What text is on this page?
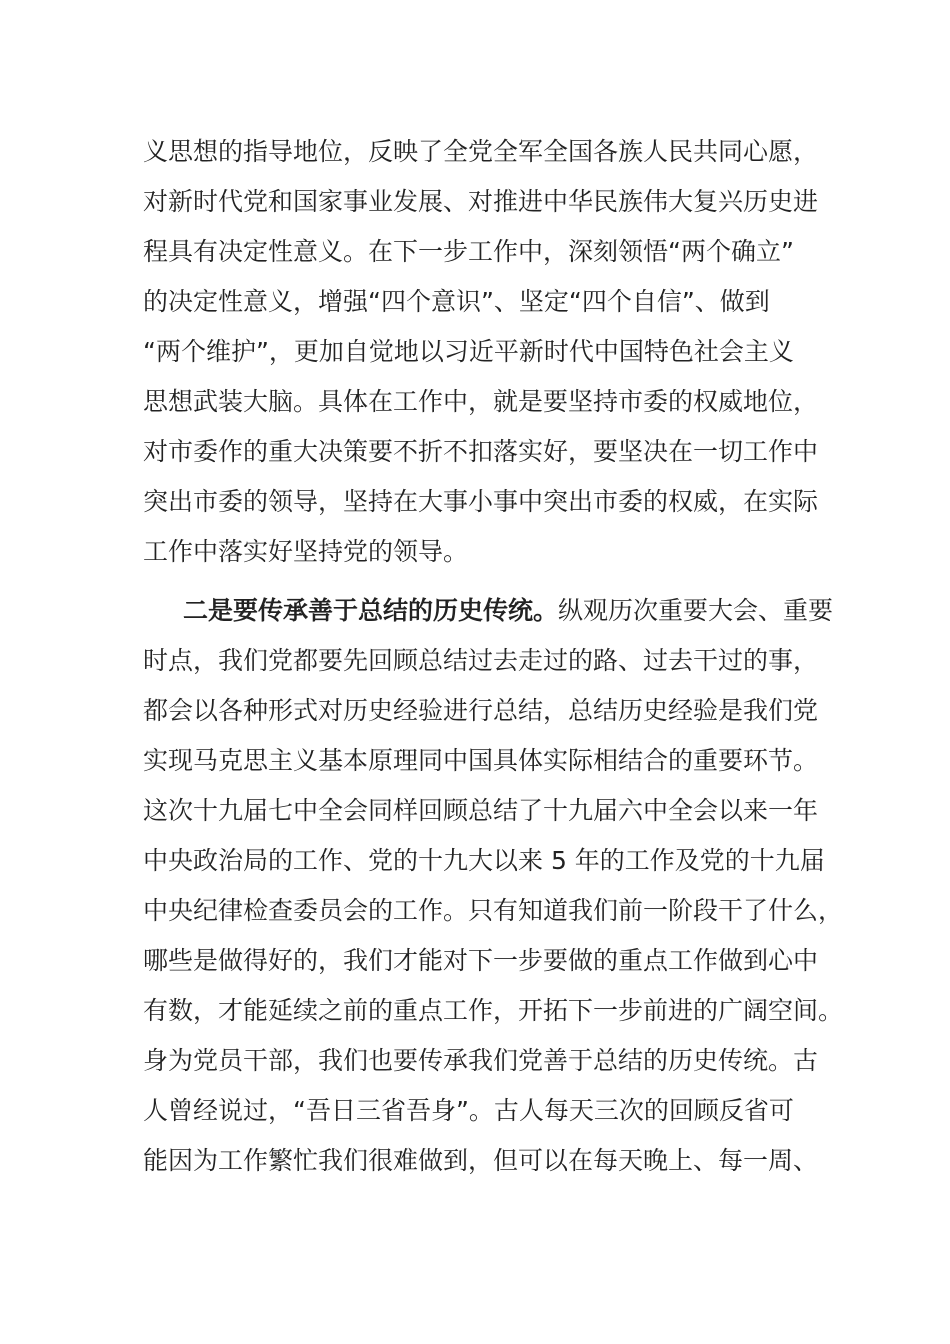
义思想的指导地位，反映了全党全军全国各族人民共同心愿，
对新时代党和国家事业发展、对推进中华民族伟大复兴历史进
程具有决定性意义。在下一步工作中，深刻领悟“两个确立”
的决定性意义，增强“四个意识”、坚定“四个自信”、做到
“两个维护”，更加自觉地以习近平新时代中国特色社会主义
思想武装大脑。具体在工作中，就是要坚持市委的权威地位，
对市委作的重大决策要不折不扣落实好，要坚决在一切工作中
突出市委的领导，坚持在大事小事中突出市委的权威，在实际
工作中落实好坚持党的领导。
二是要传承善于总结的历史传统。纵观历次重要大会、重要
时点，我们党都要先回顾总结过去走过的路、过去干过的事，
都会以各种形式对历史经验进行总结，总结历史经验是我们党
实现马克思主义基本原理同中国具体实际相结合的重要环节。
这次十九届七中全会同样回顾总结了十九届六中全会以来一年
中央政治局的工作、党的十九大以来 5 年的工作及党的十九届
中央纪律检查委员会的工作。只有知道我们前一阶段干了什么，
哪些是做得好的，我们才能对下一步要做的重点工作做到心中
有数，才能延续之前的重点工作，开拓下一步前进的广阔空间。
身为党员干部，我们也要传承我们党善于总结的历史传统。古
人曾经说过，“吾日三省吾身”。古人每天三次的回顾反省可
能因为工作繁忙我们很难做到，但可以在每天晚上、每一周、
